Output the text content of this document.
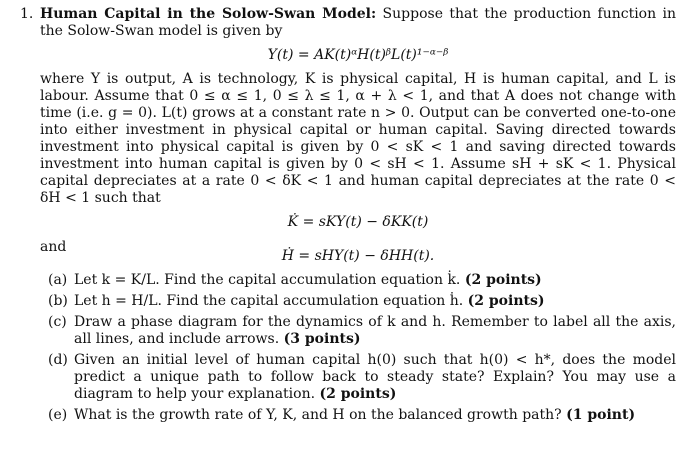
1. Human Capital in the Solow-Swan Model: Suppose that the production function in the Solow-Swan model is given by
Y(t) = AK(t)ᵅH(t)ᵝL(t)¹⁻ᵅ⁻ᵝ
where Y is output, A is technology, K is physical capital, H is human capital, and L is labour. Assume that 0 ≤ α ≤ 1, 0 ≤ λ ≤ 1, α + λ < 1, and that A does not change with time (i.e. g = 0). L(t) grows at a constant rate n > 0. Output can be converted one-to-one into either investment in physical capital or human capital. Saving directed towards investment into physical capital is given by 0 < sK < 1 and saving directed towards investment into human capital is given by 0 < sH < 1. Assume sH + sK < 1. Physical capital depreciates at a rate 0 < δK < 1 and human capital depreciates at the rate 0 < δH < 1 such that
K̇ = sKY(t) − δKK(t)
and
Ḣ = sHY(t) − δHH(t).
(a) Let k = K/L. Find the capital accumulation equation k̇. (2 points)
(b) Let h = H/L. Find the capital accumulation equation ḣ. (2 points)
(c) Draw a phase diagram for the dynamics of k and h. Remember to label all the axis, all lines, and include arrows. (3 points)
(d) Given an initial level of human capital h(0) such that h(0) < h*, does the model predict a unique path to follow back to steady state? Explain? You may use a diagram to help your explanation. (2 points)
(e) What is the growth rate of Y, K, and H on the balanced growth path? (1 point)
